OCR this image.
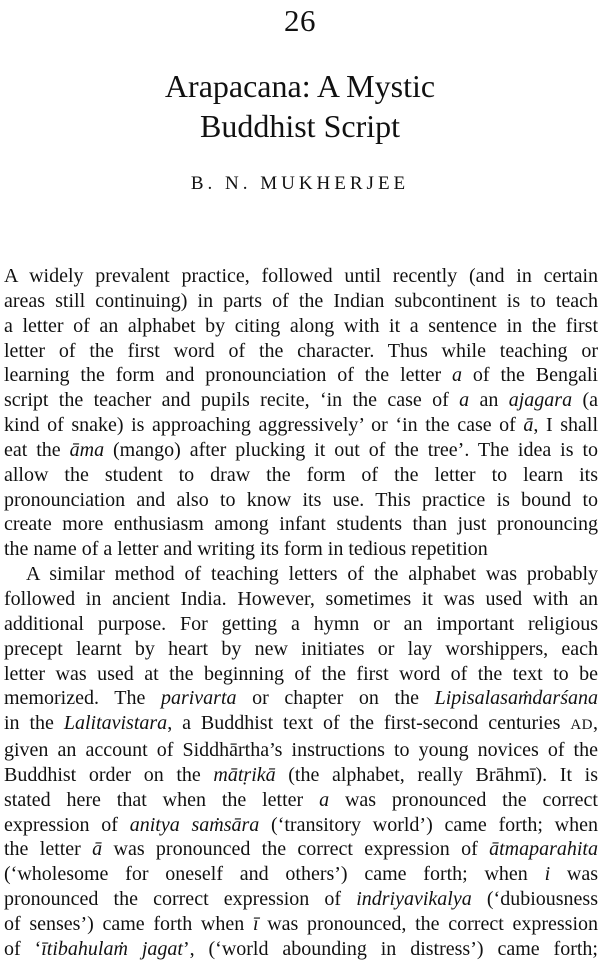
26
Arapacana: A Mystic
Buddhist Script
B. N. MUKHERJEE
A widely prevalent practice, followed until recently (and in certain
areas still continuing) in parts of the Indian subcontinent is to teach
a letter of an alphabet by citing along with it a sentence in the first
letter of the first word of the character. Thus while teaching or
learning the form and pronounciation of the letter a of the Bengali
script the teacher and pupils recite, ‘in the case of a an ajagara (a
kind of snake) is approaching aggressively’ or ‘in the case of ā, I shall
eat the āma (mango) after plucking it out of the tree’. The idea is to
allow the student to draw the form of the letter to learn its
pronounciation and also to know its use. This practice is bound to
create more enthusiasm among infant students than just pronouncing
the name of a letter and writing its form in tedious repetition
A similar method of teaching letters of the alphabet was probably
followed in ancient India. However, sometimes it was used with an
additional purpose. For getting a hymn or an important religious
precept learnt by heart by new initiates or lay worshippers, each
letter was used at the beginning of the first word of the text to be
memorized. The parivarta or chapter on the Lipisalasaṁdarśana
in the Lalitavistara, a Buddhist text of the first-second centuries AD,
given an account of Siddhārtha’s instructions to young novices of the
Buddhist order on the mātṛikā (the alphabet, really Brāhmī). It is
stated here that when the letter a was pronounced the correct
expression of anitya saṁsāra (‘transitory world’) came forth; when
the letter ā was pronounced the correct expression of ātmaparahita
(‘wholesome for oneself and others’) came forth; when i was
pronounced the correct expression of indriyavikalya (‘dubiousness
of senses’) came forth when ī was pronounced, the correct expression
of ‘ītibahulaṁ jagat’, (‘world abounding in distress’) came forth;
